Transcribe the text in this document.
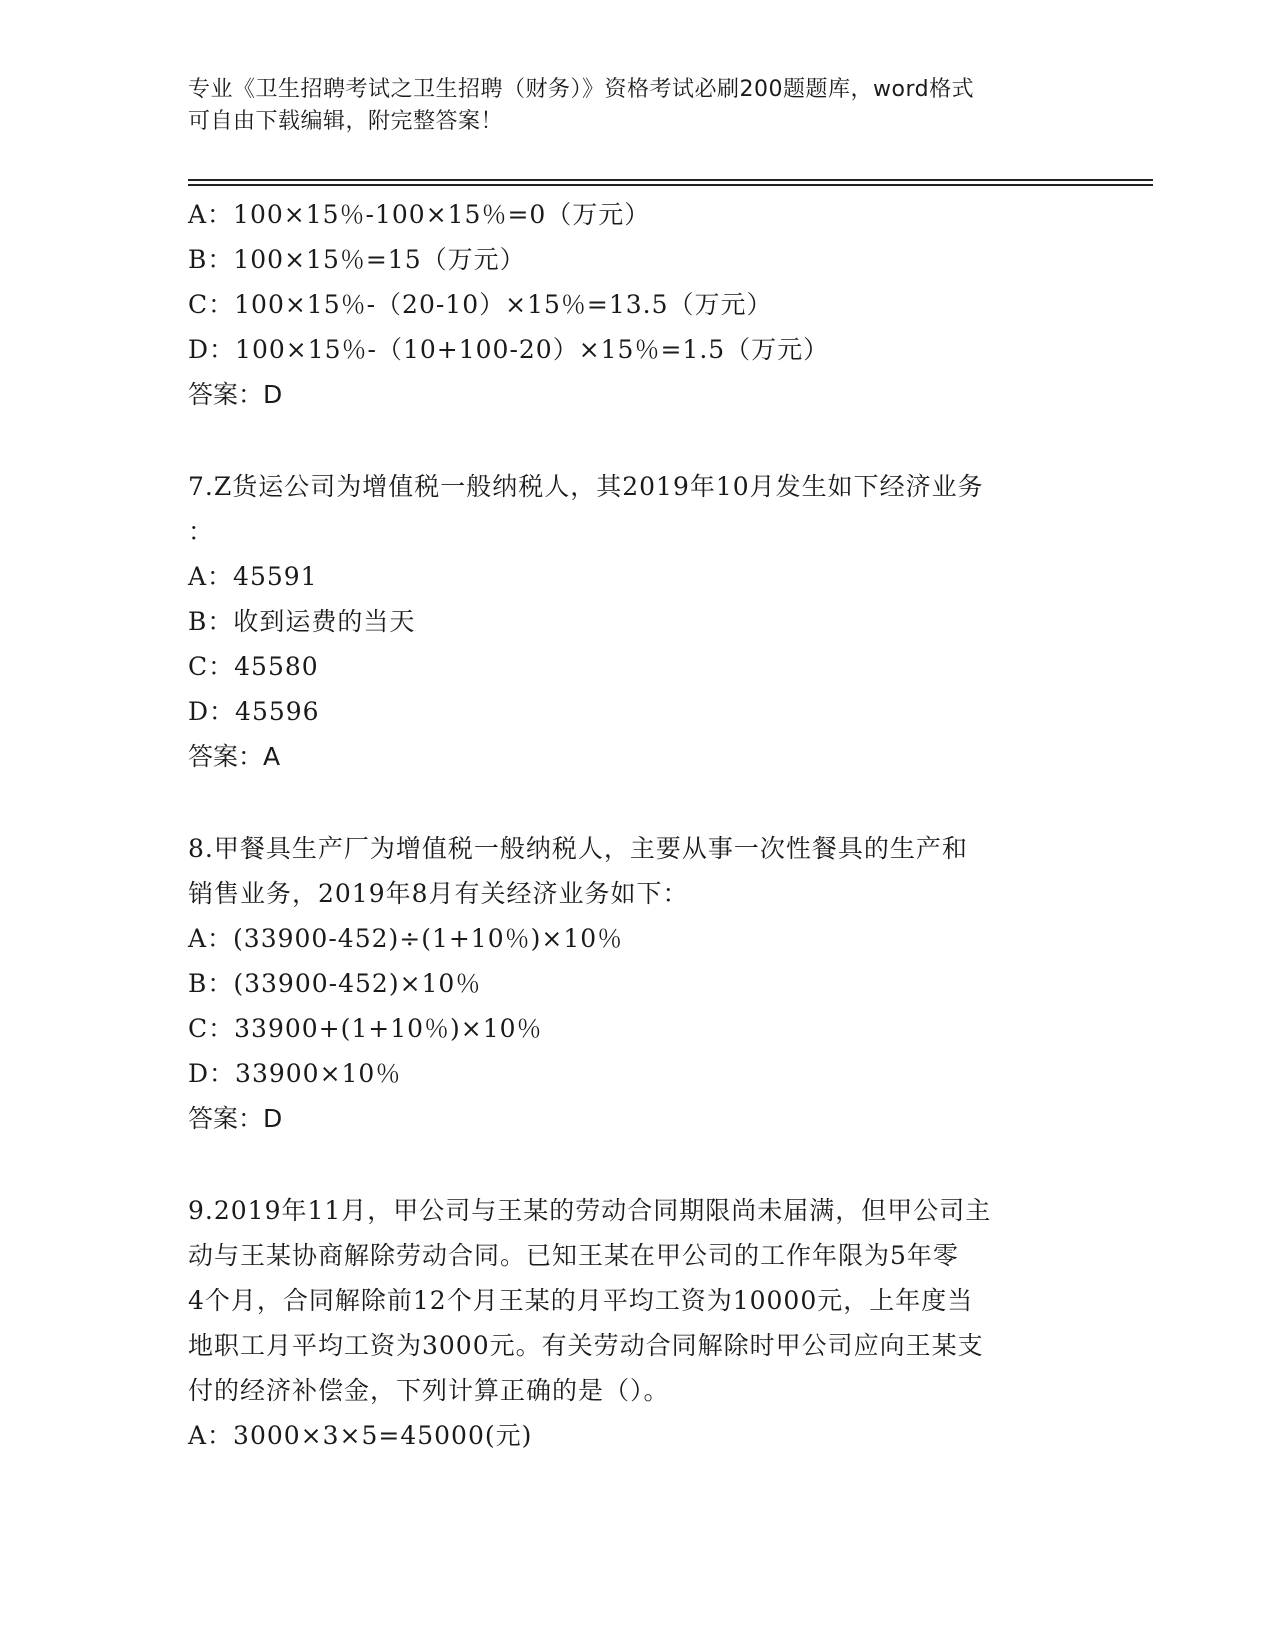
专业《卫生招聘考试之卫生招聘（财务）》资格考试必刷200题题库，word格式
可自由下载编辑，附完整答案！
A：100×15％-100×15％=0（万元）
B：100×15％=15（万元）
C：100×15％-（20-10）×15％=13.5（万元）
D：100×15％-（10+100-20）×15％=1.5（万元）
答案：D
7.Z货运公司为增值税一般纳税人，其2019年10月发生如下经济业务
：
A：45591
B：收到运费的当天
C：45580
D：45596
答案：A
8.甲餐具生产厂为增值税一般纳税人，主要从事一次性餐具的生产和
销售业务，2019年8月有关经济业务如下：
A：(33900-452)÷(1+10％)×10％
B：(33900-452)×10％
C：33900+(1+10％)×10％
D：33900×10％
答案：D
9.2019年11月，甲公司与王某的劳动合同期限尚未届满，但甲公司主
动与王某协商解除劳动合同。已知王某在甲公司的工作年限为5年零
4个月，合同解除前12个月王某的月平均工资为10000元，上年度当
地职工月平均工资为3000元。有关劳动合同解除时甲公司应向王某支
付的经济补偿金，下列计算正确的是（）。
A：3000×3×5=45000(元)
